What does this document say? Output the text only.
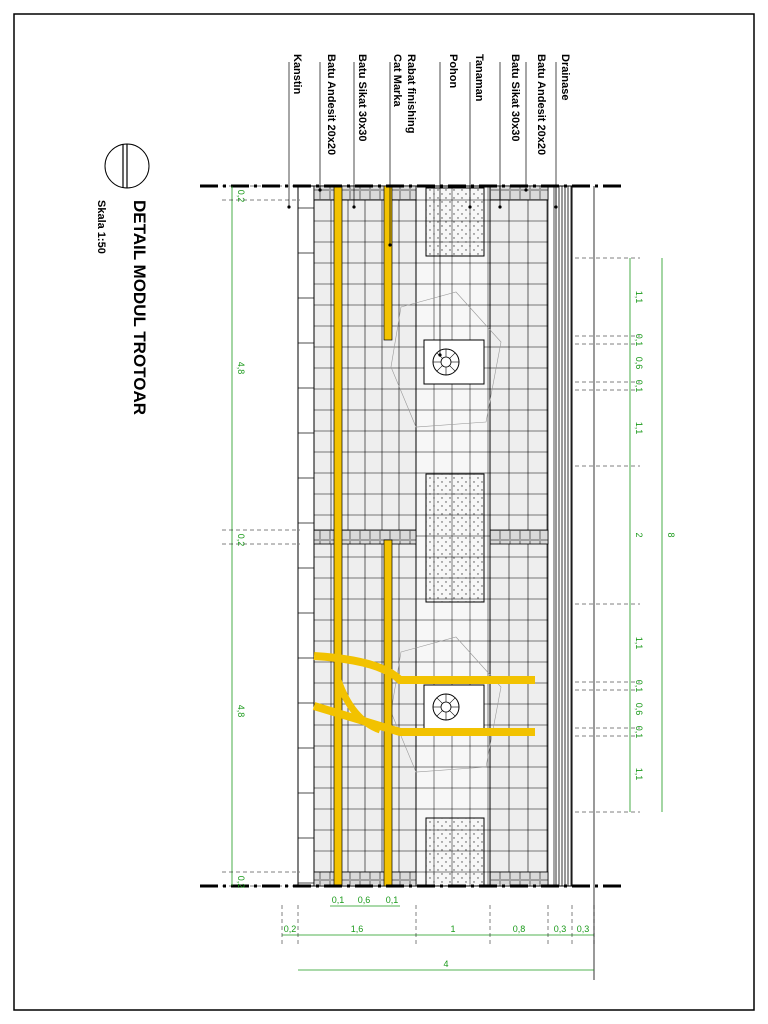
DETAIL MODUL TROTOAR
Skala 1:50
Kanstin Batu Andesit 20x20 Batu Sikat 30x30	Rabat finishing	Pohon Tanaman Batu Sikat 30x30 Batu Andesit 20x20 Drainase
Cat Marka
0,2	1,6	1	0,8	0,3 0,3
4
0,1 0,6 0,1
0,2
4,8
0,2
4,8
0,2
1,1
0,1
0,6
0,1
1,1
2
1,1
0,1
0,6
0,1
1,1
8
